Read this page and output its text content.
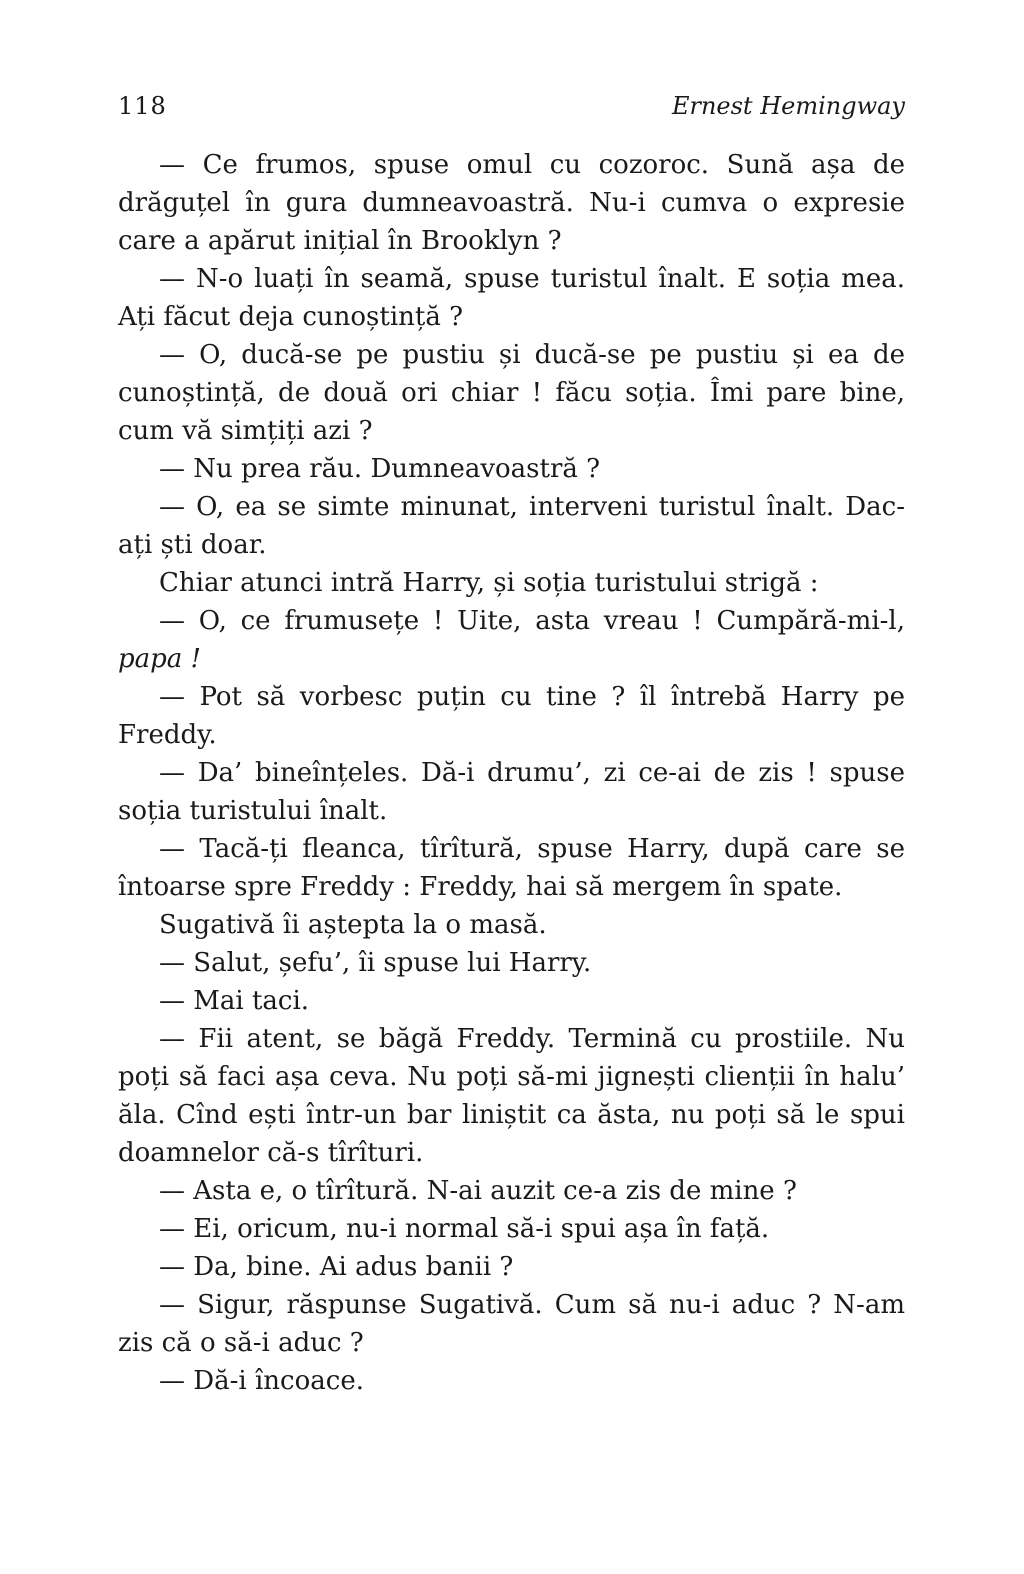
118	Ernest Hemingway

— Ce frumos, spuse omul cu cozoroc. Sună așa de drăguțel în gura dumneavoastră. Nu-i cumva o expresie care a apărut inițial în Brooklyn ?

— N-o luați în seamă, spuse turistul înalt. E soția mea. Ați făcut deja cunoștință ?

— O, ducă-se pe pustiu și ducă-se pe pustiu și ea de cunoștință, de două ori chiar ! făcu soția. Îmi pare bine, cum vă simțiți azi ?

— Nu prea rău. Dumneavoastră ?

— O, ea se simte minunat, interveni turistul înalt. Dac-ați ști doar.

Chiar atunci intră Harry, și soția turistului strigă :

— O, ce frumusețe ! Uite, asta vreau ! Cumpără-mi-l, papa !

— Pot să vorbesc puțin cu tine ? îl întrebă Harry pe Freddy.

— Da’ bineînțeles. Dă-i drumu’, zi ce-ai de zis ! spuse soția turistului înalt.

— Tacă-ți fleanca, tîrîtură, spuse Harry, după care se întoarse spre Freddy : Freddy, hai să mergem în spate.

Sugativă îi aștepta la o masă.

— Salut, șefu’, îi spuse lui Harry.

— Mai taci.

— Fii atent, se băgă Freddy. Termină cu prostiile. Nu poți să faci așa ceva. Nu poți să-mi jignești clienții în halu’ ăla. Cînd ești într-un bar liniștit ca ăsta, nu poți să le spui doamnelor că-s tîrîturi.

— Asta e, o tîrîtură. N-ai auzit ce-a zis de mine ?

— Ei, oricum, nu-i normal să-i spui așa în față.

— Da, bine. Ai adus banii ?

— Sigur, răspunse Sugativă. Cum să nu-i aduc ? N-am zis că o să-i aduc ?

— Dă-i încoace.
